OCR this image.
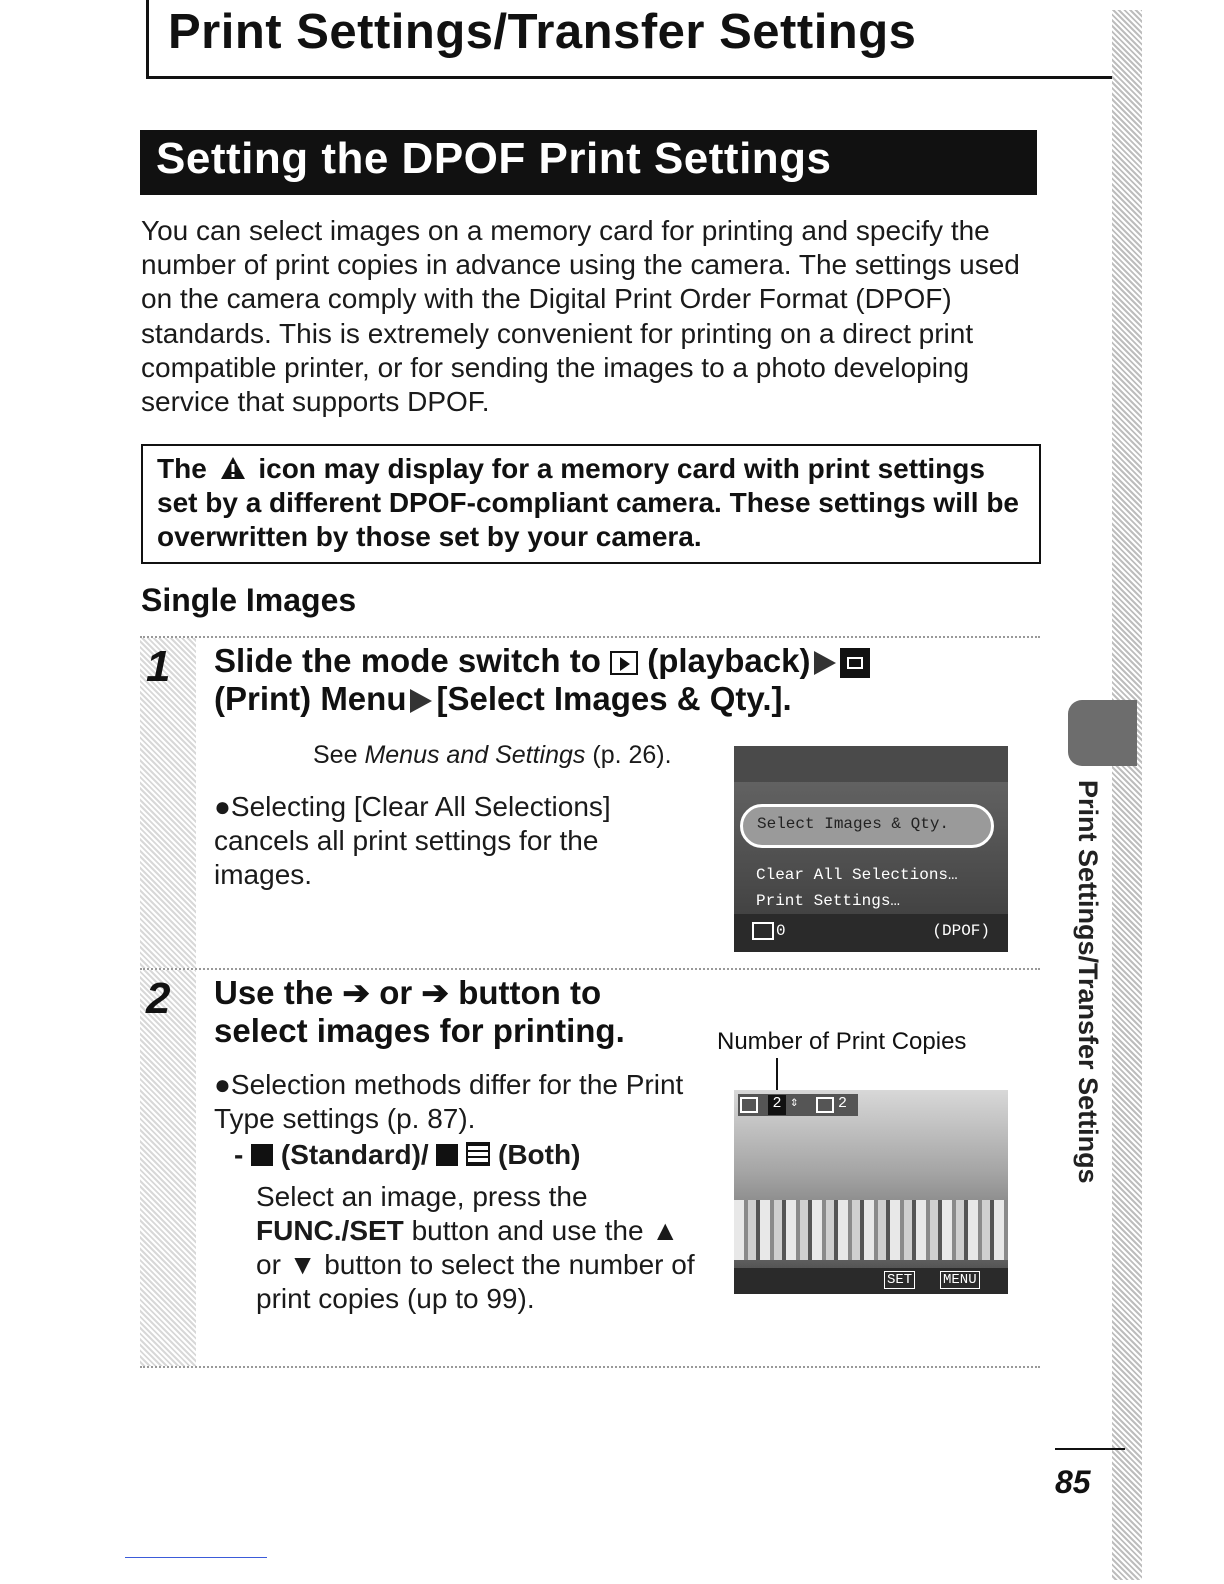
Print Settings/Transfer Settings
Print Settings/Transfer Settings
Setting the DPOF Print Settings
You can select images on a memory card for printing and specify the number of print copies in advance using the camera. The settings used on the camera comply with the Digital Print Order Format (DPOF) standards. This is extremely convenient for printing on a direct print compatible printer, or for sending the images to a photo developing service that supports DPOF.
The icon may display for a memory card with print settings set by a different DPOF-compliant camera. These settings will be overwritten by those set by your camera.
Single Images
1 Slide the mode switch to (playback)
(Print) Menu [Select Images & Qty.].
See Menus and Settings (p. 26).
●Selecting [Clear All Selections] cancels all print settings for the images.
Select Images & Qty.
Clear All Selections…
Print Settings…
0	(DPOF)
2 Use the ➔ or ➔ button to
select images for printing.
●Selection methods differ for the Print Type settings (p. 87).
- (Standard)/ (Both)
Select an image, press the FUNC./SET button and use the ▲ or ▼ button to select the number of print copies (up to 99).
Number of Print Copies
2 ⇕	2
SET MENU
85
